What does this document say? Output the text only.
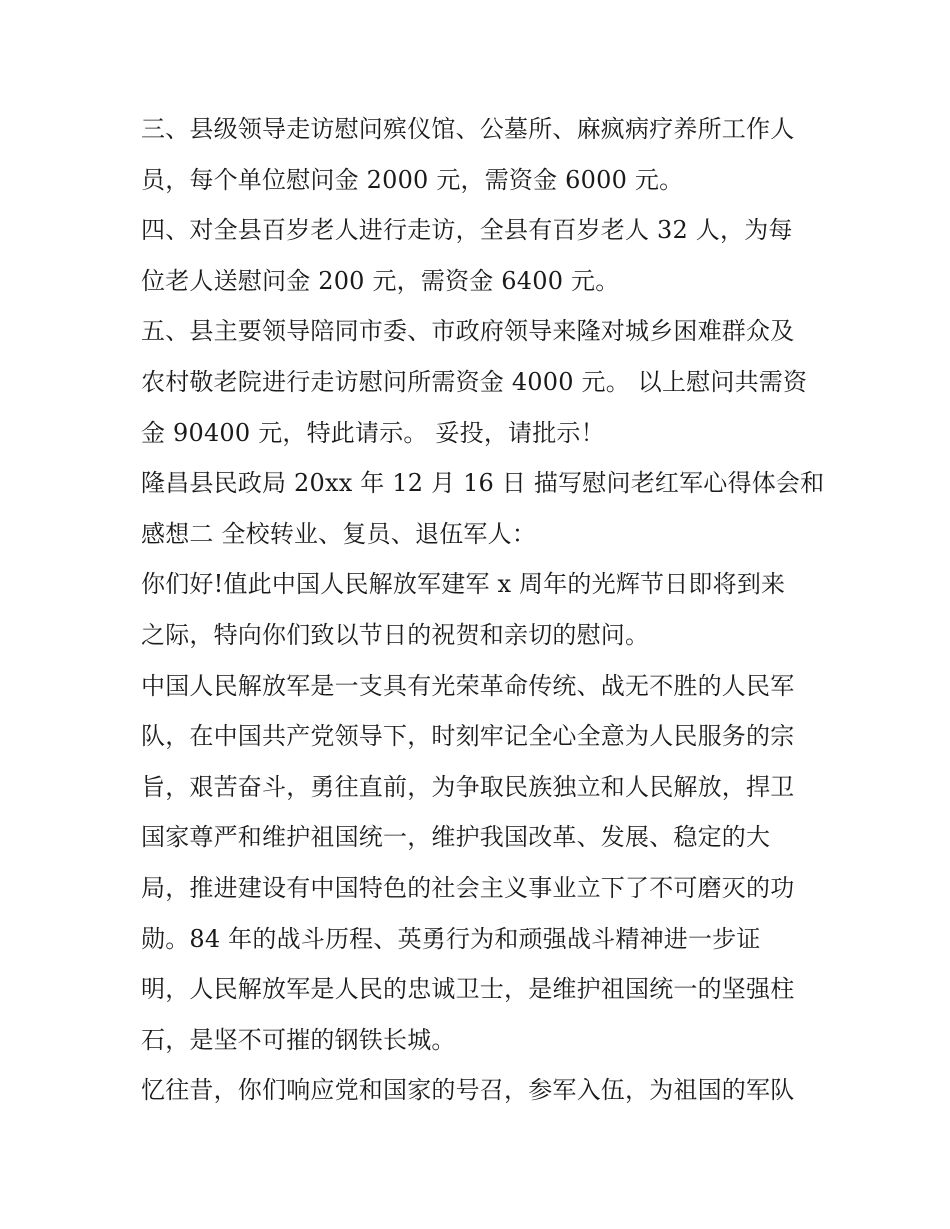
三、县级领导走访慰问殡仪馆、公墓所、麻疯病疗养所工作人
员，每个单位慰问金 2000 元，需资金 6000 元。
四、对全县百岁老人进行走访，全县有百岁老人 32 人，为每
位老人送慰问金 200 元，需资金 6400 元。
五、县主要领导陪同市委、市政府领导来隆对城乡困难群众及
农村敬老院进行走访慰问所需资金 4000 元。 以上慰问共需资
金 90400 元，特此请示。 妥投，请批示！
隆昌县民政局 20xx 年 12 月 16 日 描写慰问老红军心得体会和
感想二 全校转业、复员、退伍军人：
你们好!值此中国人民解放军建军 x 周年的光辉节日即将到来
之际，特向你们致以节日的祝贺和亲切的慰问。
中国人民解放军是一支具有光荣革命传统、战无不胜的人民军
队，在中国共产党领导下，时刻牢记全心全意为人民服务的宗
旨，艰苦奋斗，勇往直前，为争取民族独立和人民解放，捍卫
国家尊严和维护祖国统一，维护我国改革、发展、稳定的大
局，推进建设有中国特色的社会主义事业立下了不可磨灭的功
勋。84 年的战斗历程、英勇行为和顽强战斗精神进一步证
明，人民解放军是人民的忠诚卫士，是维护祖国统一的坚强柱
石，是坚不可摧的钢铁长城。
忆往昔，你们响应党和国家的号召，参军入伍，为祖国的军队
